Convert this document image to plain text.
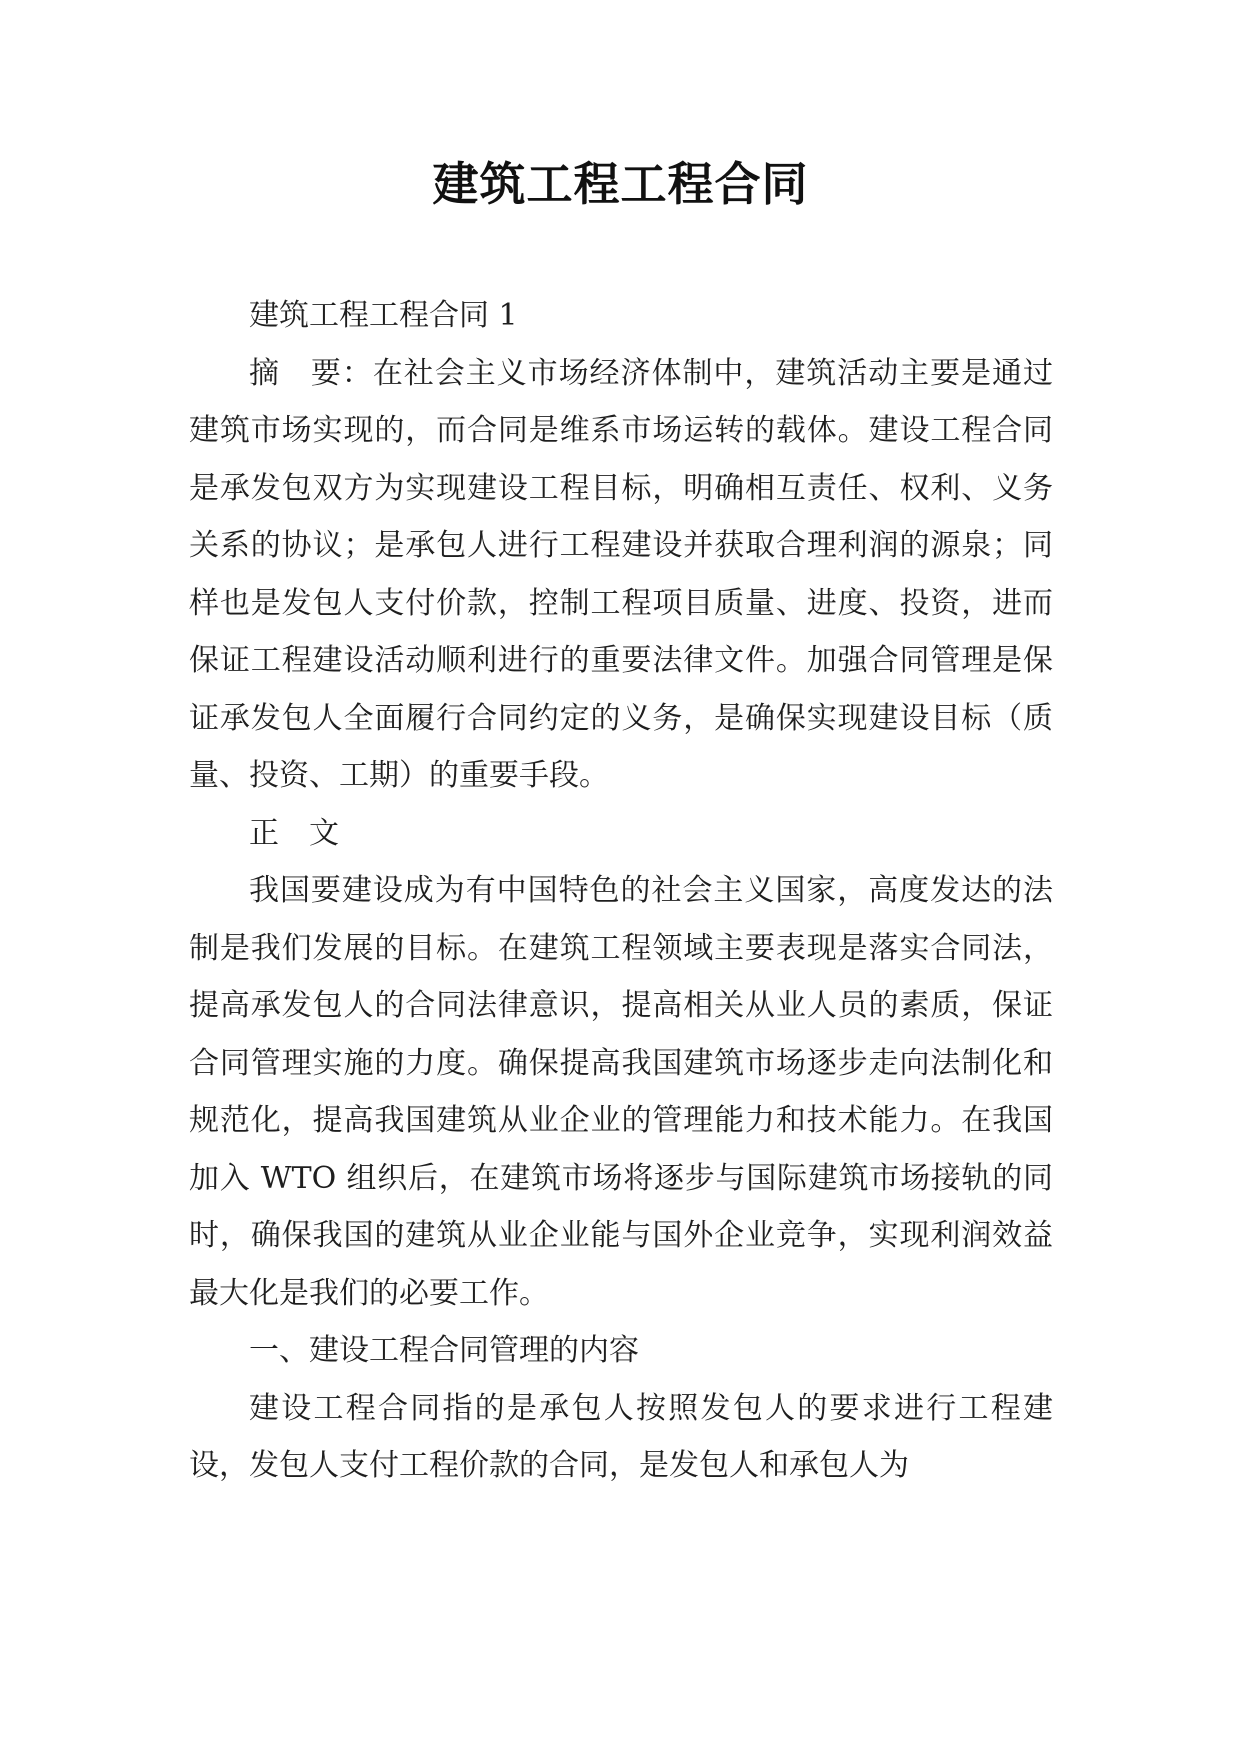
建筑工程工程合同

建筑工程工程合同 1

摘　要：在社会主义市场经济体制中，建筑活动主要是通过建筑市场实现的，而合同是维系市场运转的载体。建设工程合同是承发包双方为实现建设工程目标，明确相互责任、权利、义务关系的协议；是承包人进行工程建设并获取合理利润的源泉；同样也是发包人支付价款，控制工程项目质量、进度、投资，进而保证工程建设活动顺利进行的重要法律文件。加强合同管理是保证承发包人全面履行合同约定的义务，是确保实现建设目标（质量、投资、工期）的重要手段。

正　文

我国要建设成为有中国特色的社会主义国家，高度发达的法制是我们发展的目标。在建筑工程领域主要表现是落实合同法，提高承发包人的合同法律意识，提高相关从业人员的素质，保证合同管理实施的力度。确保提高我国建筑市场逐步走向法制化和规范化，提高我国建筑从业企业的管理能力和技术能力。在我国加入 WTO 组织后，在建筑市场将逐步与国际建筑市场接轨的同时，确保我国的建筑从业企业能与国外企业竞争，实现利润效益最大化是我们的必要工作。

一、建设工程合同管理的内容

建设工程合同指的是承包人按照发包人的要求进行工程建设，发包人支付工程价款的合同，是发包人和承包人为
